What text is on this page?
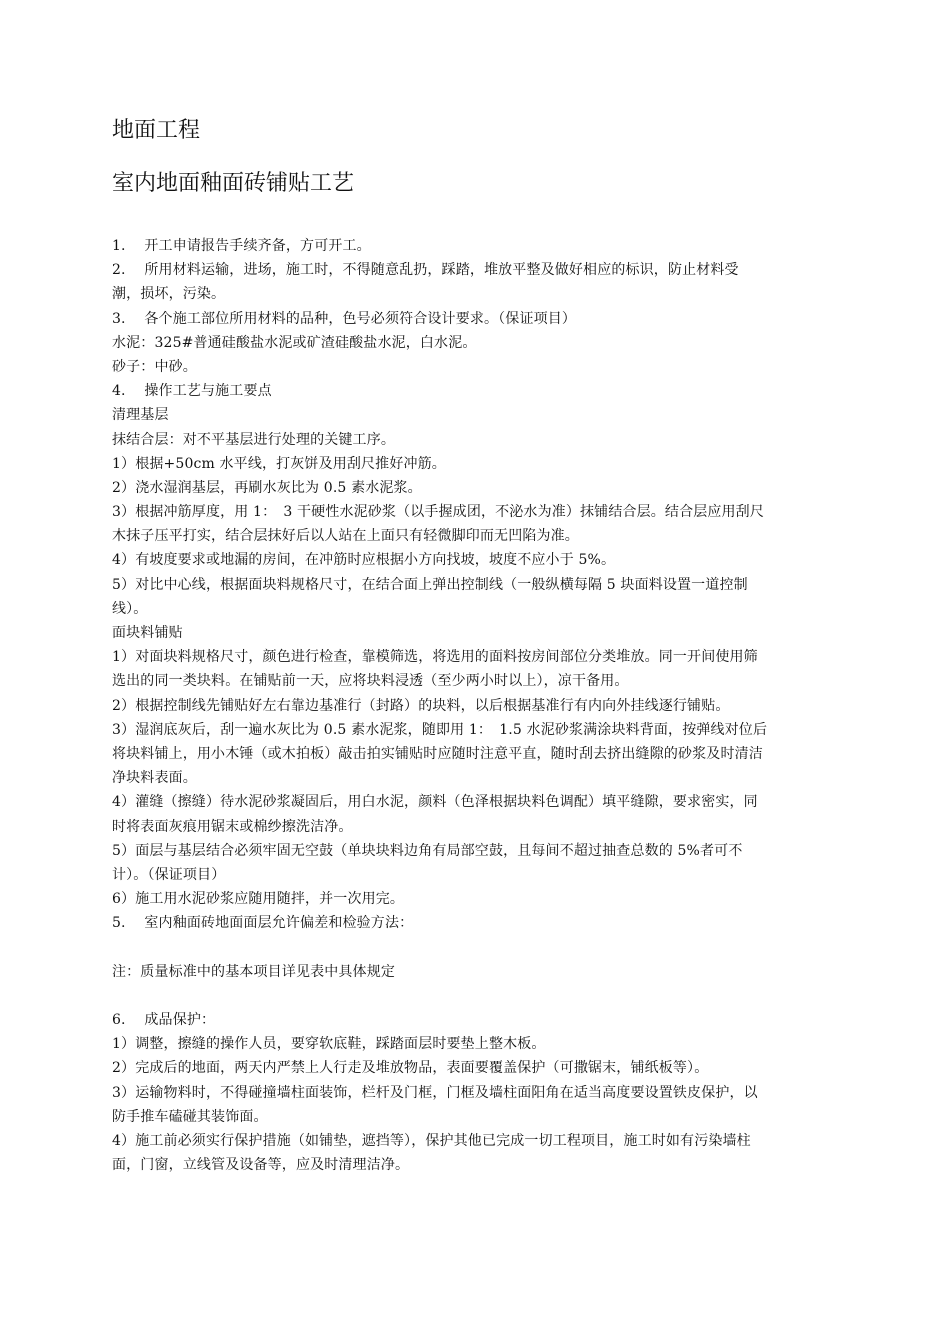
地面工程
室内地面釉面砖铺贴工艺
1.　 开工申请报告手续齐备，方可开工。
2.　 所用材料运输，进场，施工时，不得随意乱扔，踩踏，堆放平整及做好相应的标识，防止材料受
潮，损坏，污染。
3.　 各个施工部位所用材料的品种，色号必须符合设计要求。（保证项目）
水泥：325#普通硅酸盐水泥或矿渣硅酸盐水泥，白水泥。
砂子：中砂。
4.　 操作工艺与施工要点
清理基层
抹结合层：对不平基层进行处理的关键工序。
1）根据+50cm 水平线，打灰饼及用刮尺推好冲筋。
2）浇水湿润基层，再刷水灰比为 0.5 素水泥浆。
3）根据冲筋厚度，用 1：　3 干硬性水泥砂浆（以手握成团，不泌水为准）抹铺结合层。结合层应用刮尺
木抹子压平打实，结合层抹好后以人站在上面只有轻微脚印而无凹陷为准。
4）有坡度要求或地漏的房间，在冲筋时应根据小方向找坡，坡度不应小于 5%。
5）对比中心线，根据面块料规格尺寸，在结合面上弹出控制线（一般纵横每隔 5 块面料设置一道控制
线）。
面块料铺贴
1）对面块料规格尺寸，颜色进行检查，靠模筛选，将选用的面料按房间部位分类堆放。同一开间使用筛
选出的同一类块料。在铺贴前一天，应将块料浸透（至少两小时以上），凉干备用。
2）根据控制线先铺贴好左右靠边基准行（封路）的块料，以后根据基准行有内向外挂线逐行铺贴。
3）湿润底灰后，刮一遍水灰比为 0.5 素水泥浆，随即用 1：　1.5 水泥砂浆满涂块料背面，按弹线对位后
将块料铺上，用小木锤（或木拍板）敲击拍实铺贴时应随时注意平直，随时刮去挤出缝隙的砂浆及时清洁
净块料表面。
4）灌缝（擦缝）待水泥砂浆凝固后，用白水泥，颜料（色泽根据块料色调配）填平缝隙，要求密实，同
时将表面灰痕用锯末或棉纱擦洗洁净。
5）面层与基层结合必须牢固无空鼓（单块块料边角有局部空鼓，且每间不超过抽查总数的 5%者可不
计）。（保证项目）
6）施工用水泥砂浆应随用随拌，并一次用完。
5.　 室内釉面砖地面面层允许偏差和检验方法：
注：质量标准中的基本项目详见表中具体规定
6.　 成品保护：
1）调整，擦缝的操作人员，要穿软底鞋，踩踏面层时要垫上整木板。
2）完成后的地面，两天内严禁上人行走及堆放物品，表面要覆盖保护（可撒锯末，铺纸板等）。
3）运输物料时，不得碰撞墙柱面装饰，栏杆及门框，门框及墙柱面阳角在适当高度要设置铁皮保护，以
防手推车磕碰其装饰面。
4）施工前必须实行保护措施（如铺垫，遮挡等），保护其他已完成一切工程项目，施工时如有污染墙柱
面，门窗，立线管及设备等，应及时清理洁净。
